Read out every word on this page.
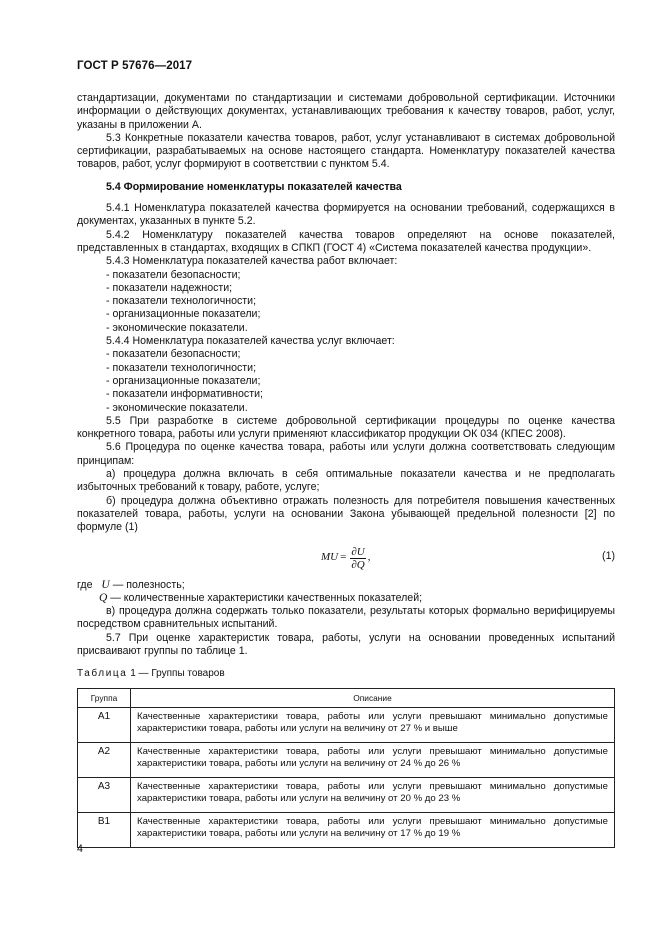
ГОСТ Р 57676—2017

стандартизации, документами по стандартизации и системами добровольной сертификации. Источники информации о действующих документах, устанавливающих требования к качеству товаров, работ, услуг, указаны в приложении А.

5.3 Конкретные показатели качества товаров, работ, услуг устанавливают в системах добровольной сертификации, разрабатываемых на основе настоящего стандарта. Номенклатуру показателей качества товаров, работ, услуг формируют в соответствии с пунктом 5.4.

5.4 Формирование номенклатуры показателей качества

5.4.1 Номенклатура показателей качества формируется на основании требований, содержащихся в документах, указанных в пункте 5.2.

5.4.2 Номенклатуру показателей качества товаров определяют на основе показателей, представленных в стандартах, входящих в СПКП (ГОСТ 4) «Система показателей качества продукции».

5.4.3 Номенклатура показателей качества работ включает:

- показатели безопасности;

- показатели надежности;

- показатели технологичности;

- организационные показатели;

- экономические показатели.

5.4.4 Номенклатура показателей качества услуг включает:

- показатели безопасности;

- показатели технологичности;

- организационные показатели;

- показатели информативности;

- экономические показатели.

5.5 При разработке в системе добровольной сертификации процедуры по оценке качества конкретного товара, работы или услуги применяют классификатор продукции ОК 034 (КПЕС 2008).

5.6 Процедура по оценке качества товара, работы или услуги должна соответствовать следующим принципам:

а) процедура должна включать в себя оптимальные показатели качества и не предполагать избыточных требований к товару, работе, услуге;

б) процедура должна объективно отражать полезность для потребителя повышения качественных показателей товара, работы, услуги на основании Закона убывающей предельной полезности [2] по формуле (1)

MU = $\frac{\partial U}{\partial Q}$ ,	(1)

где U — полезность;

Q — количественные характеристики качественных показателей;

в) процедура должна содержать только показатели, результаты которых формально верифицируемы посредством сравнительных испытаний.

5.7 При оценке характеристик товара, работы, услуги на основании проведенных испытаний присваивают группы по таблице 1.

Таблица 1 — Группы товаров
Группа	Описание
А1	Качественные характеристики товара, работы или услуги превышают минимально допустимые характеристики товара, работы или услуги на величину от 27 % и выше
А2	Качественные характеристики товара, работы или услуги превышают минимально допустимые характеристики товара, работы или услуги на величину от 24 % до 26 %
А3	Качественные характеристики товара, работы или услуги превышают минимально допустимые характеристики товара, работы или услуги на величину от 20 % до 23 %
В1	Качественные характеристики товара, работы или услуги превышают минимально допустимые характеристики товара, работы или услуги на величину от 17 % до 19 %
4
